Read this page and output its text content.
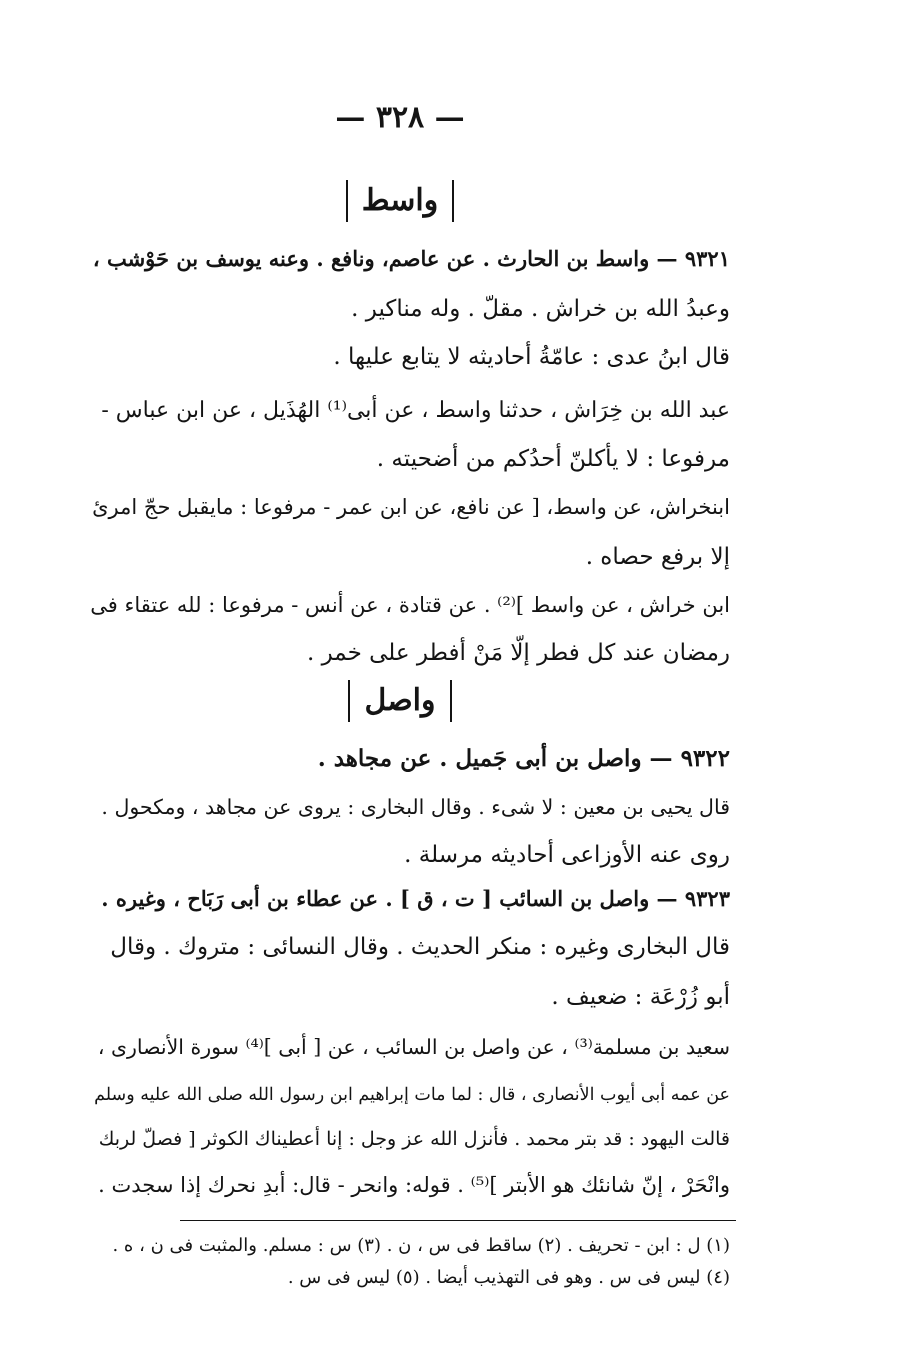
— ٣٢٨ —
واسط
٩٣٢١ — واسط بن الحارث . عن عاصم، ونافع . وعنه يوسف بن حَوْشب ،
وعبدُ الله بن خراش . مقلّ . وله مناكير .
قال ابنُ عدى : عامّةُ أحاديثه لا يتابع عليها .
عبد الله بن خِرَاش ، حدثنا واسط ، عن أبى⁽¹⁾ الهُذَيل ، عن ابن عباس -
مرفوعا : لا يأكلنّ أحدُكم من أضحيته .
ابنخراش، عن واسط، [ عن نافع، عن ابن عمر - مرفوعا : مايقبل حجّ امرئ
إلا برفع حصاه .
ابن خراش ، عن واسط ]⁽²⁾ . عن قتادة ، عن أنس - مرفوعا : لله عتقاء فى
رمضان عند كل فطر إلّا مَنْ أفطر على خمر .
واصل
٩٣٢٢ — واصل بن أبى جَميل . عن مجاهد .
قال يحيى بن معين : لا شىء . وقال البخارى : يروى عن مجاهد ، ومكحول .
روى عنه الأوزاعى أحاديثه مرسلة .
٩٣٢٣ — واصل بن السائب [ ت ، ق ] . عن عطاء بن أبى رَبَاح ، وغيره .
قال البخارى وغيره : منكر الحديث . وقال النسائى : متروك . وقال
أبو زُرْعَة : ضعيف .
سعيد بن مسلمة⁽³⁾ ، عن واصل بن السائب ، عن [ أبى ]⁽⁴⁾ سورة الأنصارى ،
عن عمه أبى أيوب الأنصارى ، قال : لما مات إبراهيم ابن رسول الله صلى الله عليه وسلم
قالت اليهود : قد بتر محمد . فأنزل الله عز وجل : إنا أعطيناك الكوثر [ فصلّ لربك
وانْحَرْ ، إنّ شانئك هو الأبتر ]⁽⁵⁾ . قوله: وانحر - قال: أبدِ نحرك إذا سجدت .
(١) ل : ابن - تحريف . (٢) ساقط فى س ، ن . (٣) س : مسلم. والمثبت فى ن ، ه .
(٤) ليس فى س . وهو فى التهذيب أيضا . (٥) ليس فى س .
